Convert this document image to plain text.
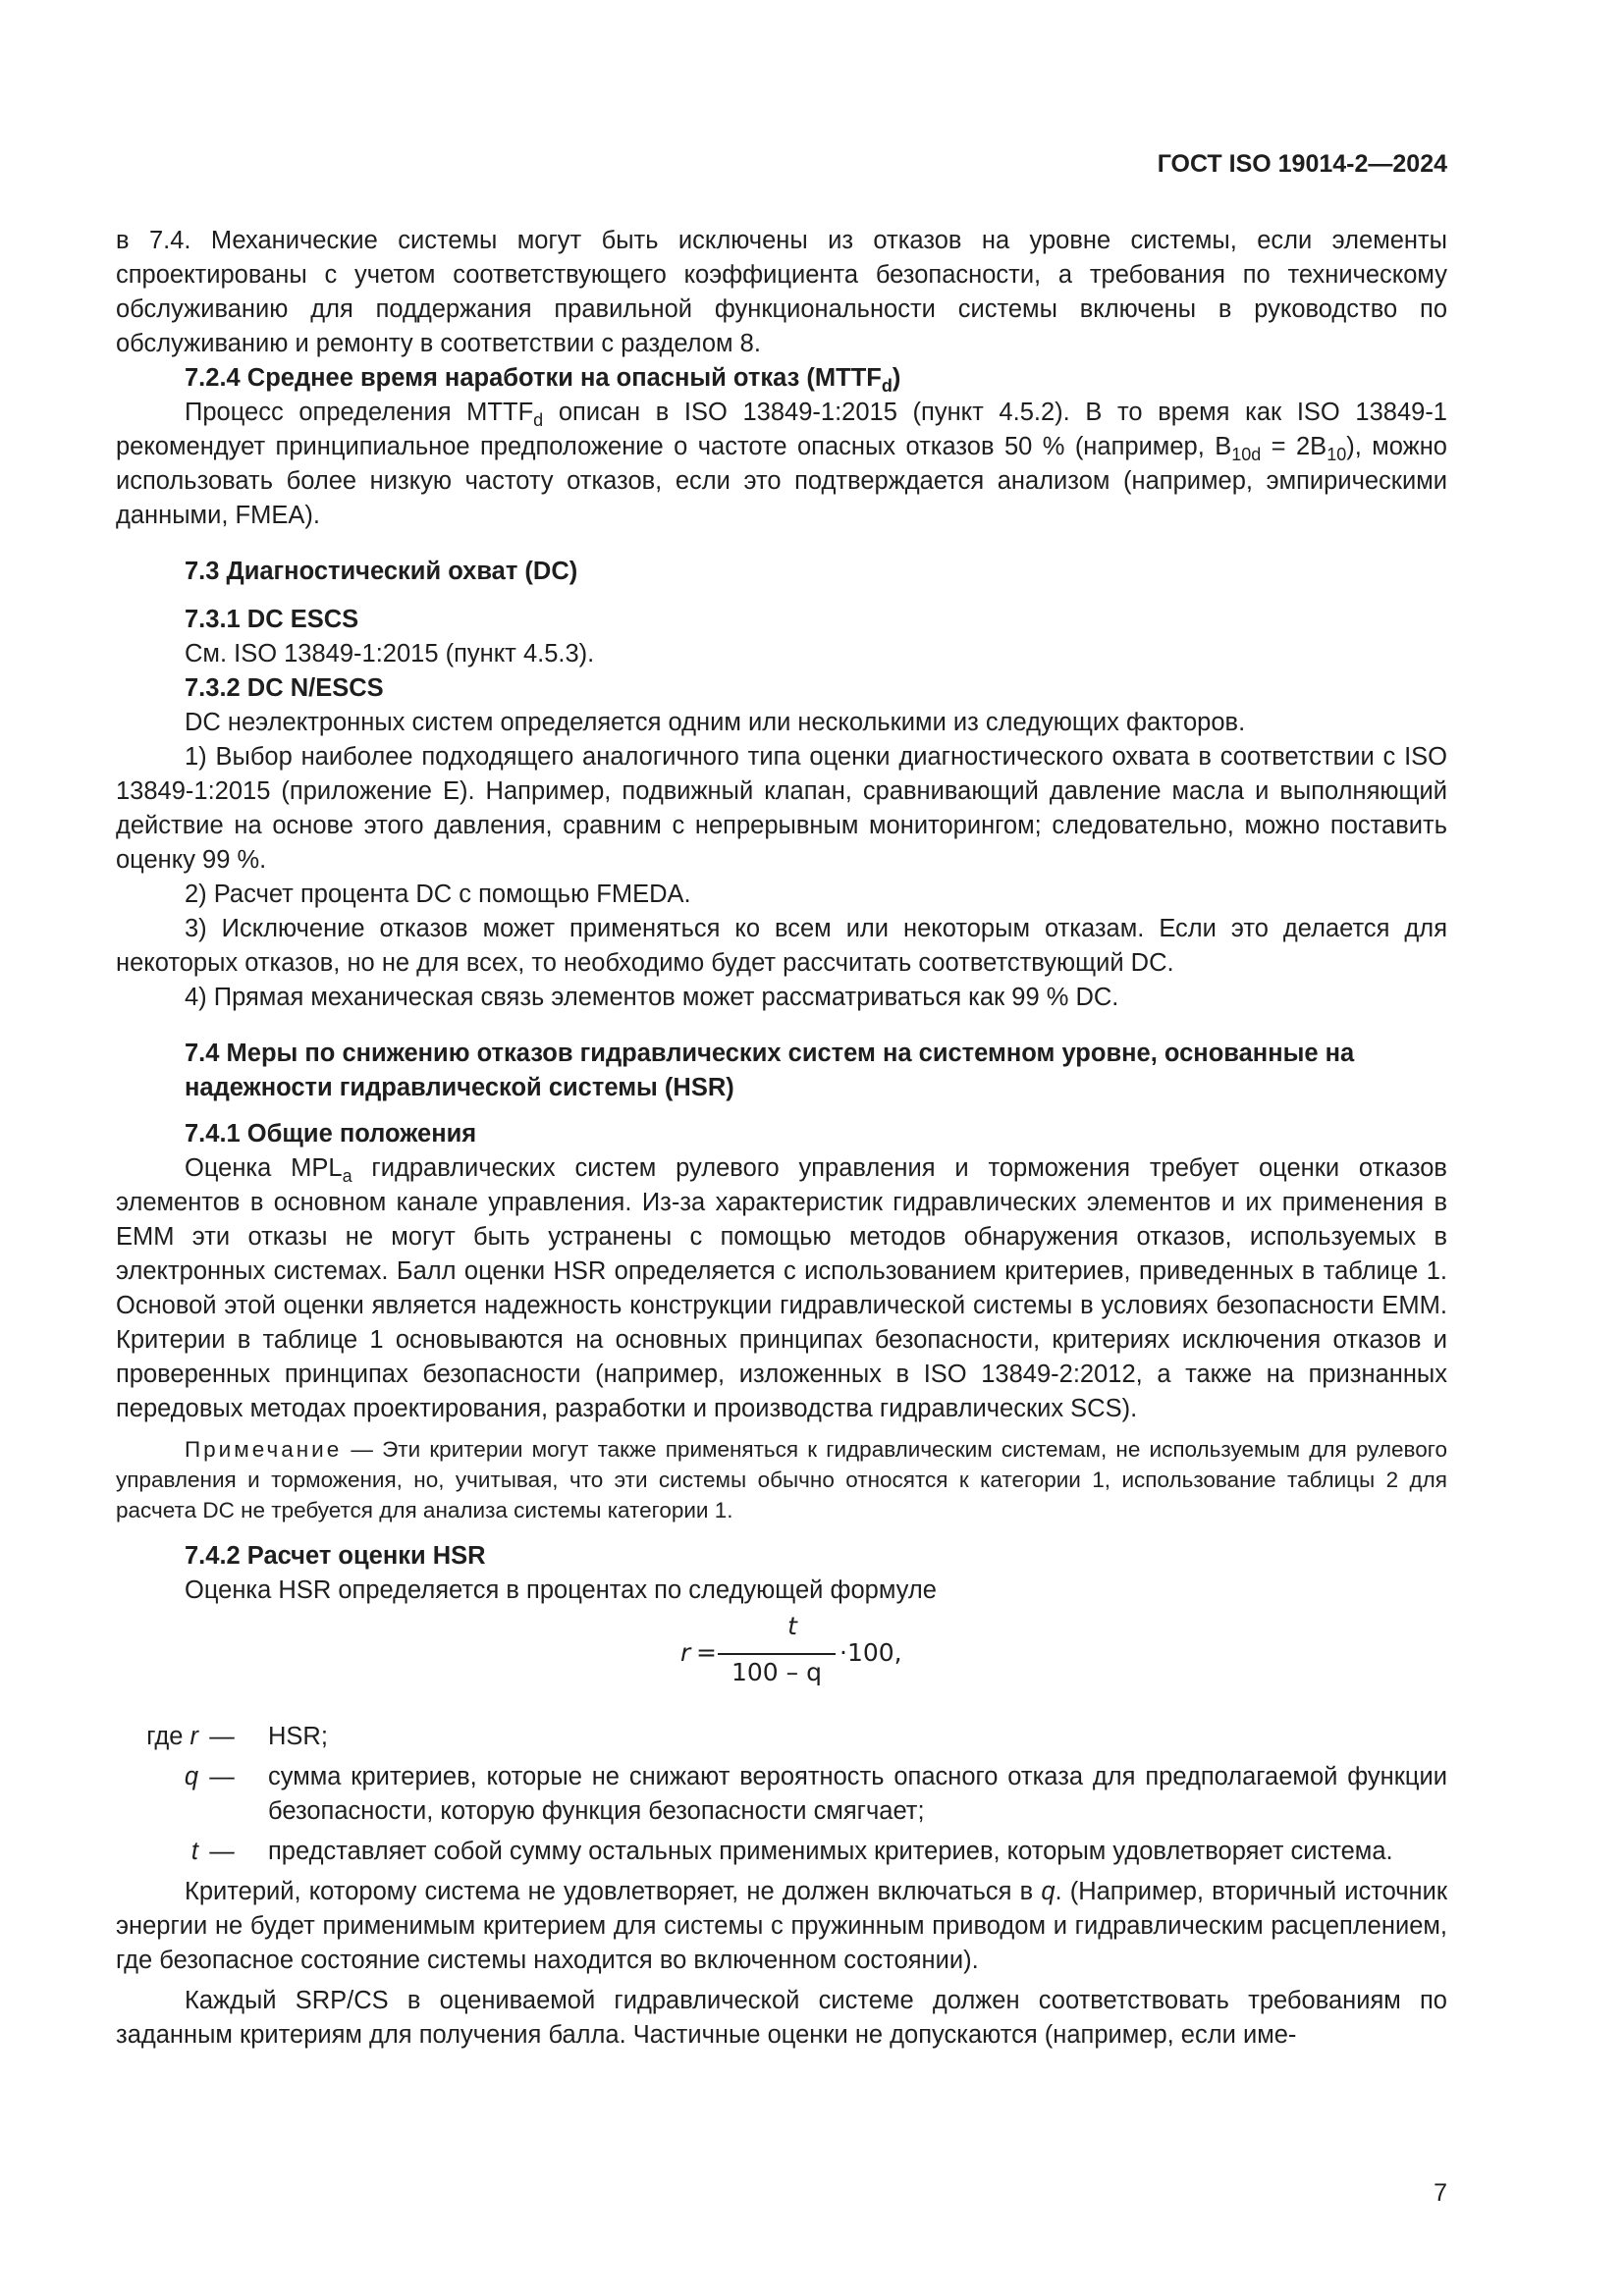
ГОСТ ISO 19014-2—2024

в 7.4. Механические системы могут быть исключены из отказов на уровне системы, если элементы спроектированы с учетом соответствующего коэффициента безопасности, а требования по техническому обслуживанию для поддержания правильной функциональности системы включены в руководство по обслуживанию и ремонту в соответствии с разделом 8.

7.2.4 Среднее время наработки на опасный отказ $(MTTF_d)$

Процесс определения $MTTF_d$ описан в ISO 13849-1:2015 (пункт 4.5.2). В то время как ISO 13849-1 рекомендует принципиальное предположение о частоте опасных отказов 50 % (например, $B_{10d} = 2B_{10}$), можно использовать более низкую частоту отказов, если это подтверждается анализом (например, эмпирическими данными, FMEA).

7.3 Диагностический охват (DC)

7.3.1 DC ESCS

См. ISO 13849-1:2015 (пункт 4.5.3).

7.3.2 DC N/ESCS

DC неэлектронных систем определяется одним или несколькими из следующих факторов.

1) Выбор наиболее подходящего аналогичного типа оценки диагностического охвата в соответствии с ISO 13849-1:2015 (приложение E). Например, подвижный клапан, сравнивающий давление масла и выполняющий действие на основе этого давления, сравним с непрерывным мониторингом; следовательно, можно поставить оценку 99 %.

2) Расчет процента DC с помощью FMEDA.

3) Исключение отказов может применяться ко всем или некоторым отказам. Если это делается для некоторых отказов, но не для всех, то необходимо будет рассчитать соответствующий DC.

4) Прямая механическая связь элементов может рассматриваться как 99 % DC.

7.4 Меры по снижению отказов гидравлических систем на системном уровне, основанные на надежности гидравлической системы (HSR)

7.4.1 Общие положения

Оценка $MPL_a$ гидравлических систем рулевого управления и торможения требует оценки отказов элементов в основном канале управления. Из-за характеристик гидравлических элементов и их применения в EMM эти отказы не могут быть устранены с помощью методов обнаружения отказов, используемых в электронных системах. Балл оценки HSR определяется с использованием критериев, приведенных в таблице 1. Основой этой оценки является надежность конструкции гидравлической системы в условиях безопасности EMM. Критерии в таблице 1 основываются на основных принципах безопасности, критериях исключения отказов и проверенных принципах безопасности (например, изложенных в ISO 13849-2:2012, а также на признанных передовых методах проектирования, разработки и производства гидравлических SCS).

Примечание — Эти критерии могут также применяться к гидравлическим системам, не используемым для рулевого управления и торможения, но, учитывая, что эти системы обычно относятся к категории 1, использование таблицы 2 для расчета DC не требуется для анализа системы категории 1.

7.4.2 Расчет оценки HSR

Оценка HSR определяется в процентах по следующей формуле

r =
t
100 – q
·100,
где r —	HSR;
q —	сумма критериев, которые не снижают вероятность опасного отказа для предполагаемой функции безопасности, которую функция безопасности смягчает;
t —	представляет собой сумму остальных применимых критериев, которым удовлетворяет система.

Критерий, которому система не удовлетворяет, не должен включаться в q. (Например, вторичный источник энергии не будет применимым критерием для системы с пружинным приводом и гидравлическим расцеплением, где безопасное состояние системы находится во включенном состоянии).

Каждый SRP/CS в оцениваемой гидравлической системе должен соответствовать требованиям по заданным критериям для получения балла. Частичные оценки не допускаются (например, если име-

7
